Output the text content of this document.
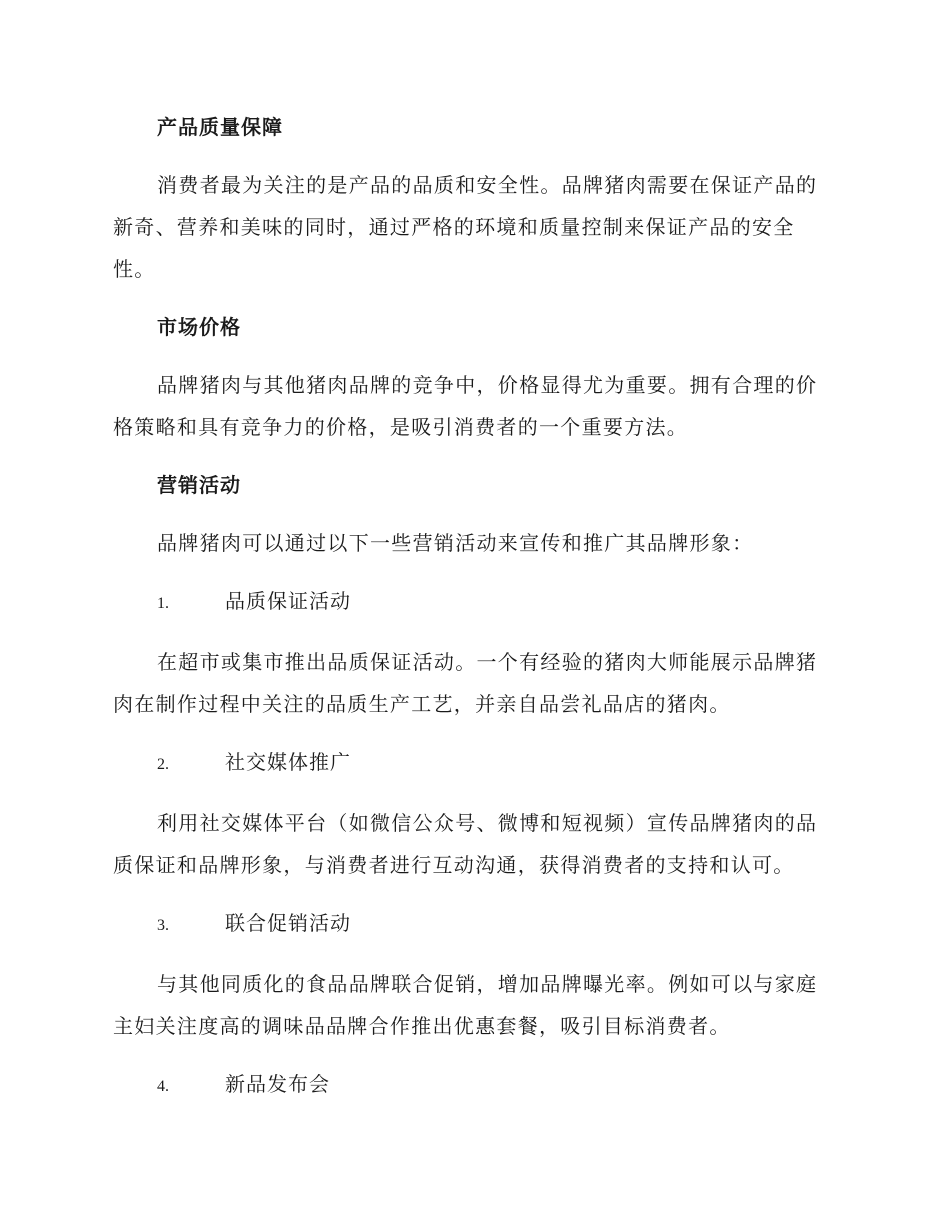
产品质量保障

消费者最为关注的是产品的品质和安全性。品牌猪肉需要在保证产品的新奇、营养和美味的同时，通过严格的环境和质量控制来保证产品的安全性。

市场价格

品牌猪肉与其他猪肉品牌的竞争中，价格显得尤为重要。拥有合理的价格策略和具有竞争力的价格，是吸引消费者的一个重要方法。

营销活动

品牌猪肉可以通过以下一些营销活动来宣传和推广其品牌形象：

1.	品质保证活动

在超市或集市推出品质保证活动。一个有经验的猪肉大师能展示品牌猪肉在制作过程中关注的品质生产工艺，并亲自品尝礼品店的猪肉。

2.	社交媒体推广

利用社交媒体平台（如微信公众号、微博和短视频）宣传品牌猪肉的品质保证和品牌形象，与消费者进行互动沟通，获得消费者的支持和认可。

3.	联合促销活动

与其他同质化的食品品牌联合促销，增加品牌曝光率。例如可以与家庭主妇关注度高的调味品品牌合作推出优惠套餐，吸引目标消费者。

4.	新品发布会
